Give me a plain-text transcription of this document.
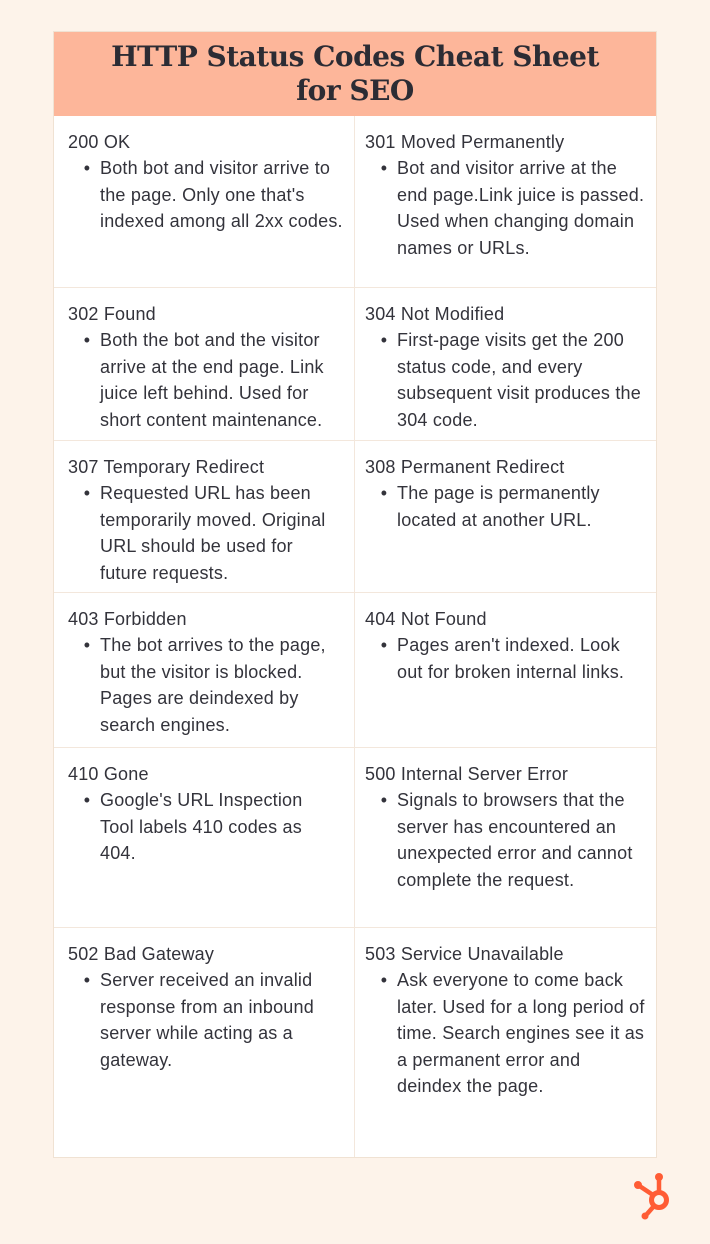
HTTP Status Codes Cheat Sheet
for SEO
200 OK
• Both bot and visitor arrive to the page. Only one that's indexed among all 2xx codes.
301 Moved Permanently
• Bot and visitor arrive at the end page.Link juice is passed. Used when changing domain names or URLs.
302 Found
• Both the bot and the visitor arrive at the end page. Link juice left behind. Used for short content maintenance.
304 Not Modified
• First-page visits get the 200 status code, and every subsequent visit produces the 304 code.
307 Temporary Redirect
• Requested URL has been temporarily moved. Original URL should be used for future requests.
308 Permanent Redirect
• The page is permanently located at another URL.
403 Forbidden
• The bot arrives to the page, but the visitor is blocked. Pages are deindexed by search engines.
404 Not Found
• Pages aren't indexed. Look out for broken internal links.
410 Gone
• Google's URL Inspection Tool labels 410 codes as 404.
500 Internal Server Error
• Signals to browsers that the server has encountered an unexpected error and cannot complete the request.
502 Bad Gateway
• Server received an invalid response from an inbound server while acting as a gateway.
503 Service Unavailable
• Ask everyone to come back later. Used for a long period of time. Search engines see it as a permanent error and deindex the page.
